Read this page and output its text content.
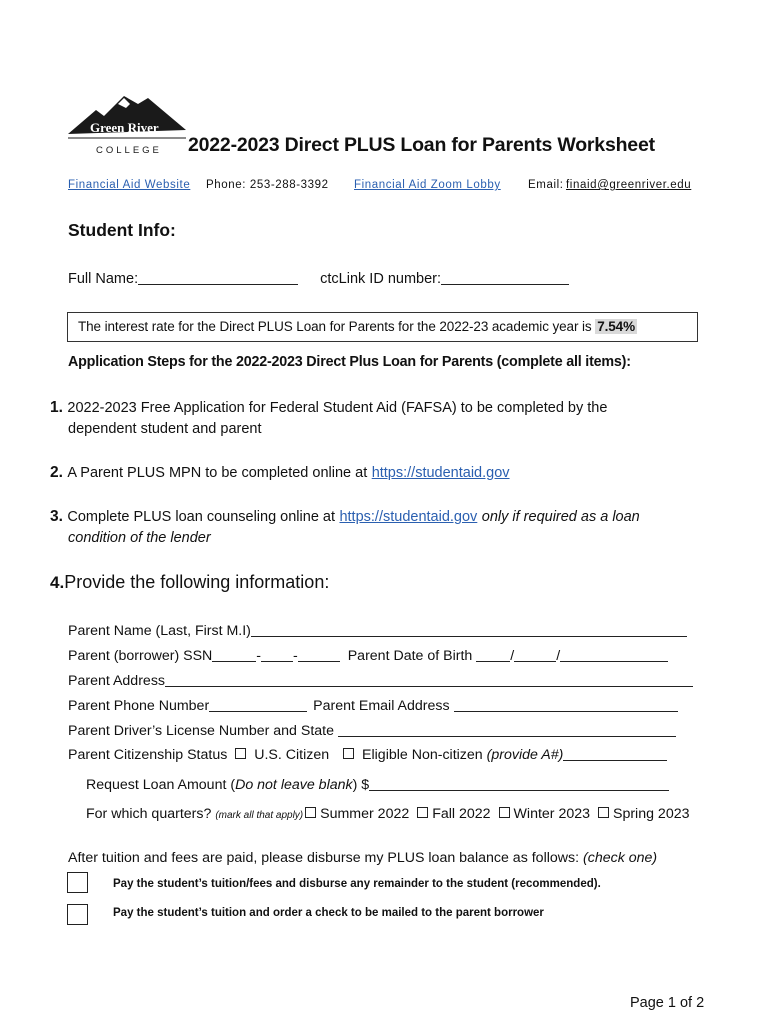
Green River
COLLEGE 2022-2023 Direct PLUS Loan for Parents Worksheet
Financial Aid Website Phone: 253-288-3392 Financial Aid Zoom Lobby Email: finaid@greenriver.edu
Student Info:
Full Name:	ctcLink ID number:
The interest rate for the Direct PLUS Loan for Parents for the 2022-23 academic year is 7.54%
Application Steps for the 2022-2023 Direct Plus Loan for Parents (complete all items):
1. 2022-2023 Free Application for Federal Student Aid (FAFSA) to be completed by the
dependent student and parent
2. A Parent PLUS MPN to be completed online at https://studentaid.gov
3. Complete PLUS loan counseling online at https://studentaid.gov only if required as a loan
condition of the lender
4.Provide the following information:
Parent Name (Last, First M.I)
Parent (borrower) SSN	- -	Parent Date of Birth	/	/
Parent Address
Parent Phone Number	Parent Email Address
Parent Driver’s License Number and State
Parent Citizenship Status U.S. Citizen Eligible Non-citizen (provide A#)
Request Loan Amount (Do not leave blank) $
For which quarters? (mark all that apply) Summer 2022 Fall 2022 Winter 2023 Spring 2023
After tuition and fees are paid, please disburse my PLUS loan balance as follows: (check one)
Pay the student’s tuition/fees and disburse any remainder to the student (recommended).
Pay the student’s tuition and order a check to be mailed to the parent borrower
Page 1 of 2
